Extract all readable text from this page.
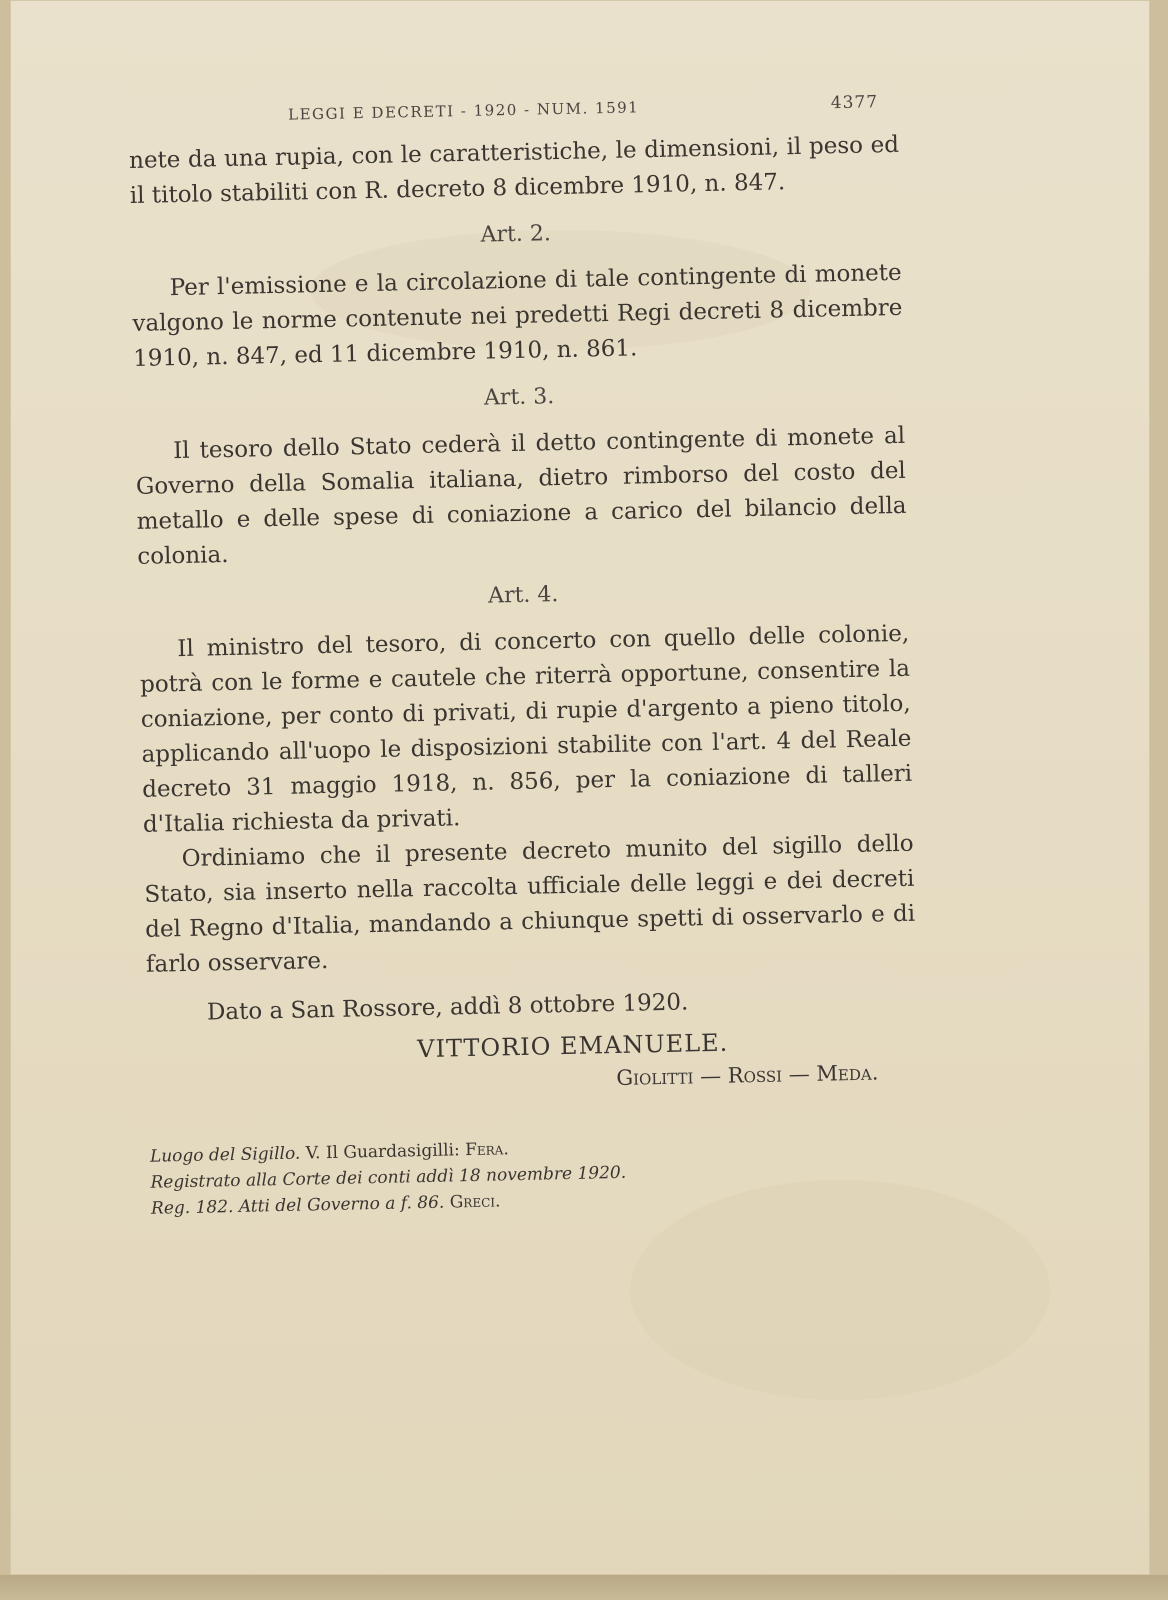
LEGGI E DECRETI - 1920 - NUM. 1591	4377

nete da una rupia, con le caratteristiche, le dimensioni, il peso ed il titolo stabiliti con R. decreto 8 dicembre 1910, n. 847.

Art. 2.

Per l'emissione e la circolazione di tale contingente di monete valgono le norme contenute nei predetti Regi decreti 8 dicembre 1910, n. 847, ed 11 dicembre 1910, n. 861.

Art. 3.

Il tesoro dello Stato cederà il detto contingente di monete al Governo della Somalia italiana, dietro rimborso del costo del metallo e delle spese di coniazione a carico del bilancio della colonia.

Art. 4.

Il ministro del tesoro, di concerto con quello delle colonie, potrà con le forme e cautele che riterrà opportune, consentire la coniazione, per conto di privati, di rupie d'argento a pieno titolo, applicando all'uopo le disposizioni stabilite con l'art. 4 del Reale decreto 31 maggio 1918, n. 856, per la coniazione di talleri d'Italia richiesta da privati.

Ordiniamo che il presente decreto munito del sigillo dello Stato, sia inserto nella raccolta ufficiale delle leggi e dei decreti del Regno d'Italia, mandando a chiunque spetti di osservarlo e di farlo osservare.

Dato a San Rossore, addì 8 ottobre 1920.
VITTORIO EMANUELE.
Giolitti — Rossi — Meda.

Luogo del Sigillo. V. Il Guardasigilli: Fera.

Registrato alla Corte dei conti addì 18 novembre 1920.

Reg. 182. Atti del Governo a f. 86. Greci.
